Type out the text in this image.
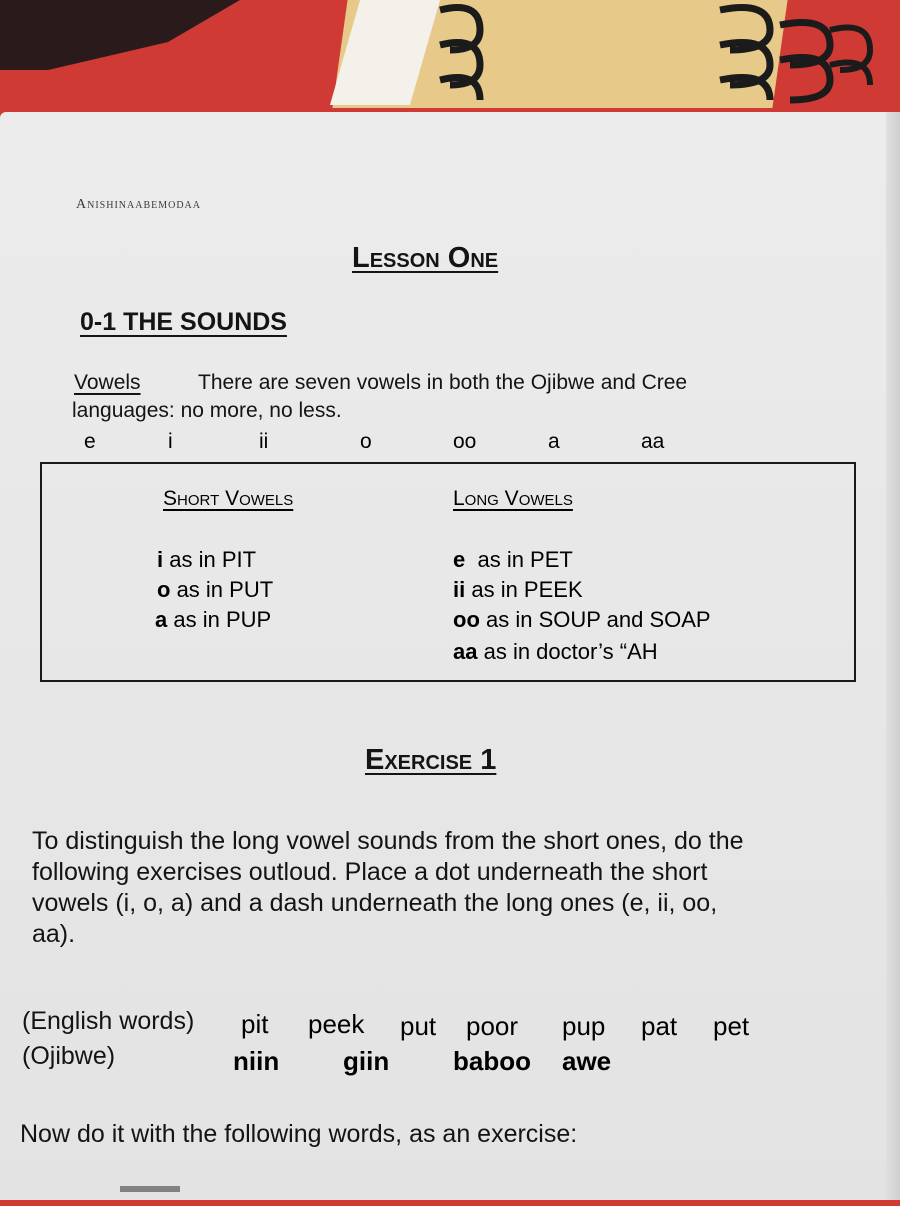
Anishinaabemodaa
Lesson One
0-1 THE SOUNDS
Vowels	There are seven vowels in both the Ojibwe and Cree
languages: no more, no less.
e	i	ii	o	oo	a	aa
Short Vowels	Long Vowels
i as in PIT
o as in PUT
a as in PUP
e  as in PET
ii as in PEEK
oo as in SOUP and SOAP
aa as in doctor’s “AH
Exercise 1
To distinguish the long vowel sounds from the short ones, do the
following exercises outloud. Place a dot underneath the short
vowels (i, o, a) and a dash underneath the long ones (e, ii, oo,
aa).
(English words) pit peek put poor pup pat pet
(Ojibwe)	niin giin baboo awe
Now do it with the following words, as an exercise:
